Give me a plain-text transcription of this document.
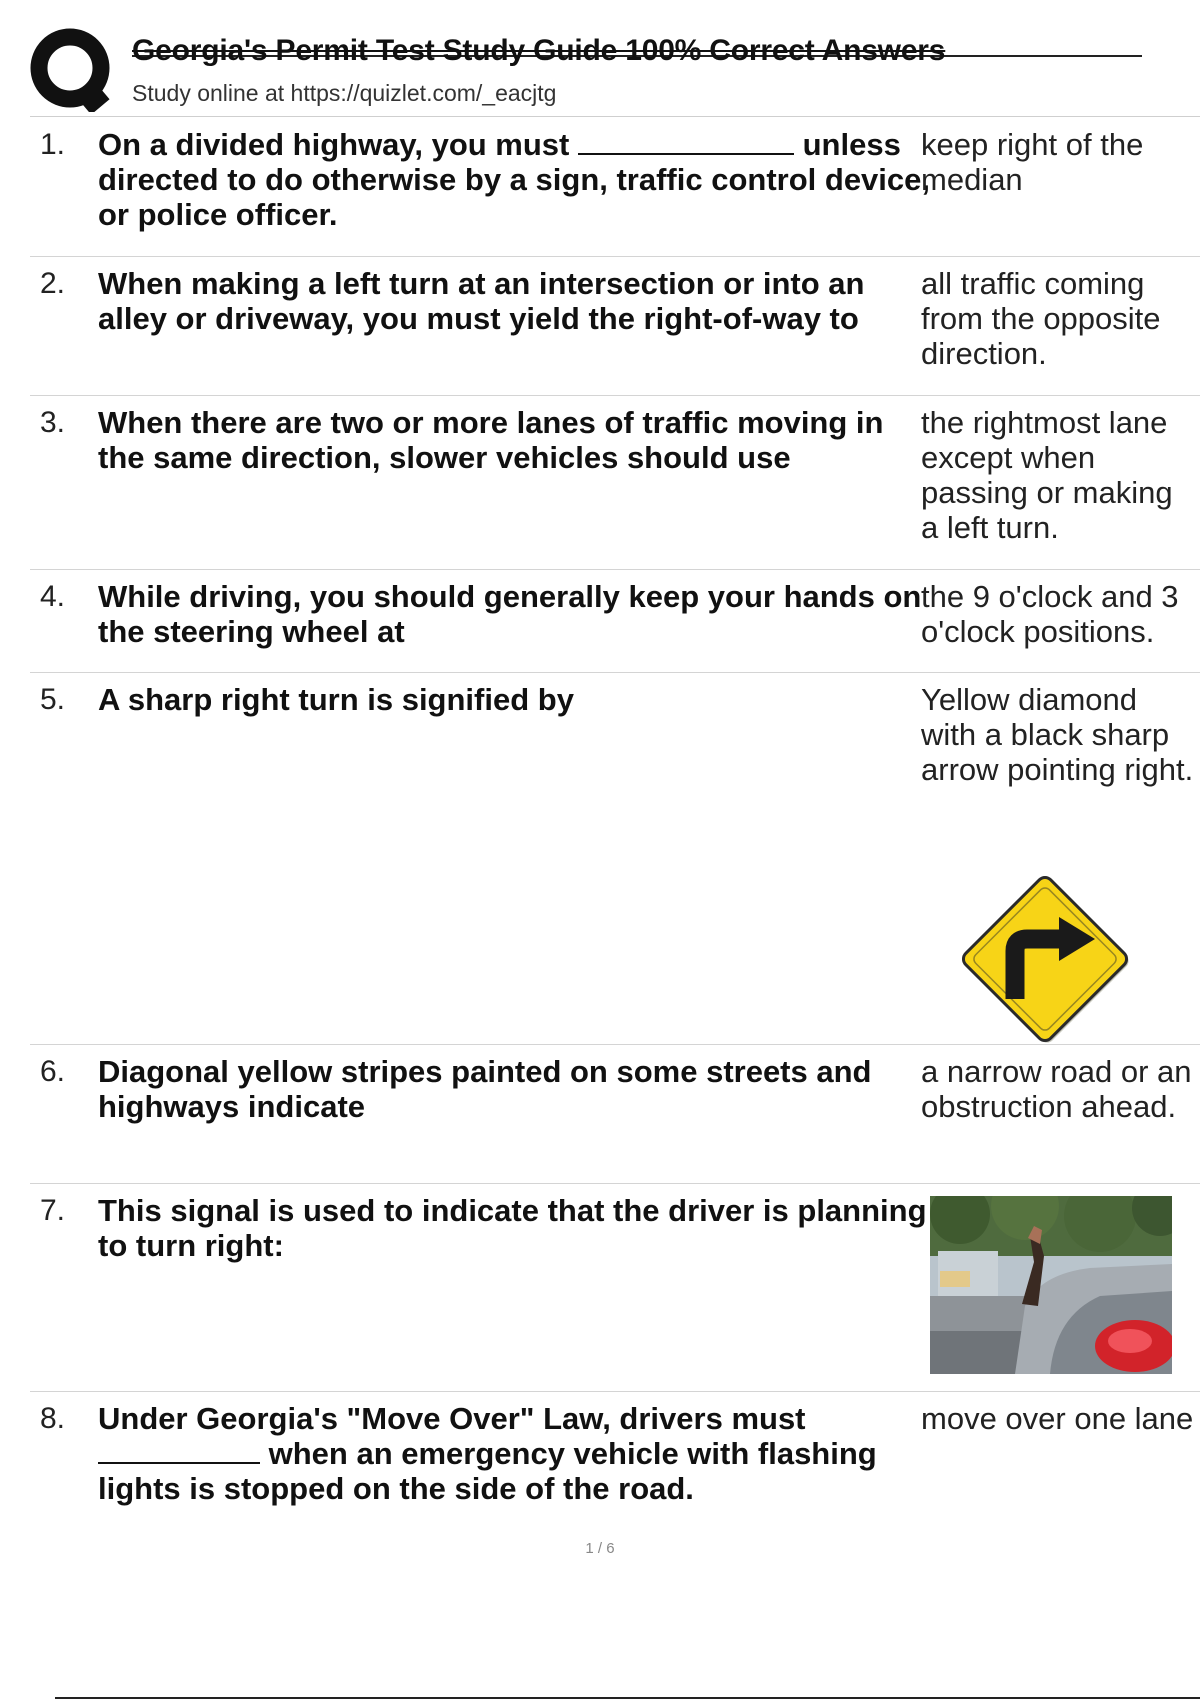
Georgia's Permit Test Study Guide 100% Correct Answers
Study online at https://quizlet.com/_eacjtg
1. On a divided highway, you must	unless directed to do otherwise by a sign, traffic control device, or police officer.
keep right of the median
2. When making a left turn at an intersection or into an alley or driveway, you must yield the right-of-way to
all traffic coming from the opposite direction.
3. When there are two or more lanes of traffic moving in the same direction, slower vehicles should use
the rightmost lane except when passing or making a left turn.
4. While driving, you should generally keep your hands on the steering wheel at
the 9 o'clock and 3 o'clock positions.
5. A sharp right turn is signified by	Yellow diamond with a black sharp arrow pointing right.
6. Diagonal yellow stripes painted on some streets and highways indicate
a narrow road or an obstruction ahead.
7. This signal is used to indicate that the driver is planning to turn right:
8. Under Georgia's "Move Over" Law, drivers must
when an emergency vehicle with flashing lights is stopped on the side of the road.
move over one lane
1 / 6
